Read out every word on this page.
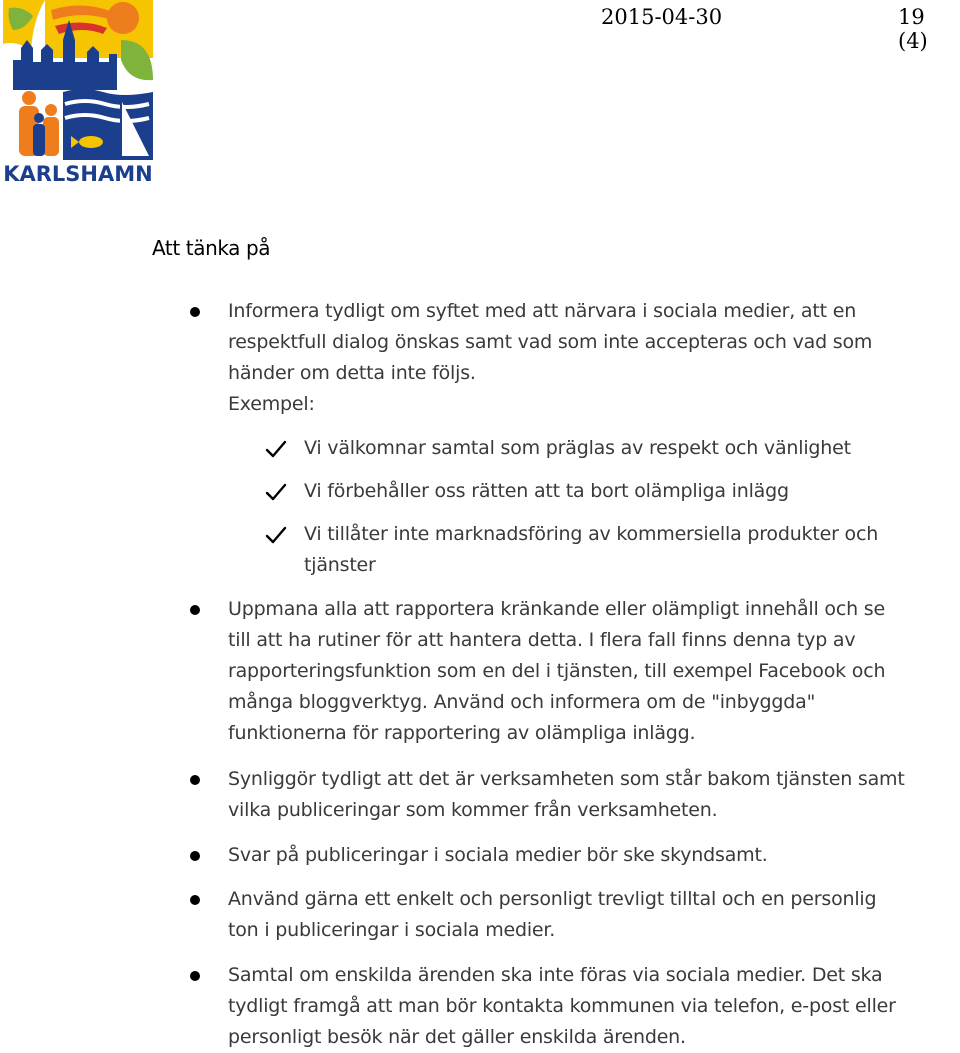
KARLSHAMN
2015-04-30	19 (4)
Att tänka på
Informera tydligt om syftet med att närvara i sociala medier, att en
respektfull dialog önskas samt vad som inte accepteras och vad som
händer om detta inte följs.
Exempel:
Vi välkomnar samtal som präglas av respekt och vänlighet
Vi förbehåller oss rätten att ta bort olämpliga inlägg
Vi tillåter inte marknadsföring av kommersiella produkter och
tjänster
Uppmana alla att rapportera kränkande eller olämpligt innehåll och se
till att ha rutiner för att hantera detta. I flera fall finns denna typ av
rapporteringsfunktion som en del i tjänsten, till exempel Facebook och
många bloggverktyg. Använd och informera om de "inbyggda"
funktionerna för rapportering av olämpliga inlägg.
Synliggör tydligt att det är verksamheten som står bakom tjänsten samt
vilka publiceringar som kommer från verksamheten.
Svar på publiceringar i sociala medier bör ske skyndsamt.
Använd gärna ett enkelt och personligt trevligt tilltal och en personlig
ton i publiceringar i sociala medier.
Samtal om enskilda ärenden ska inte föras via sociala medier. Det ska
tydligt framgå att man bör kontakta kommunen via telefon, e-post eller
personligt besök när det gäller enskilda ärenden.
